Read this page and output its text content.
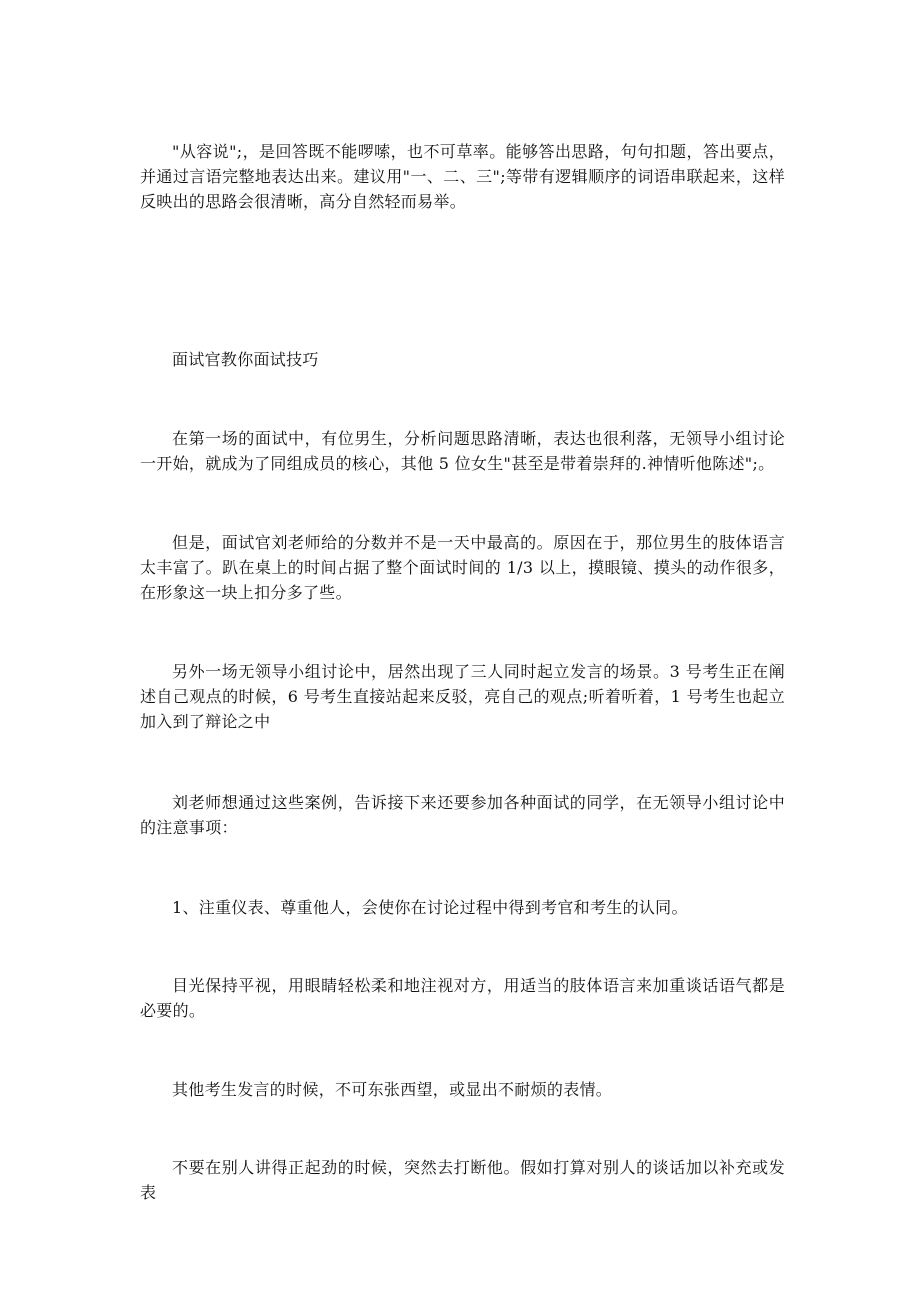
"从容说";，是回答既不能啰嗦，也不可草率。能够答出思路，句句扣题，答出要点，并通过言语完整地表达出来。建议用"一、二、三";等带有逻辑顺序的词语串联起来，这样反映出的思路会很清晰，高分自然轻而易举。

面试官教你面试技巧

在第一场的面试中，有位男生，分析问题思路清晰，表达也很利落，无领导小组讨论一开始，就成为了同组成员的核心，其他 5 位女生"甚至是带着崇拜的.神情听他陈述";。

但是，面试官刘老师给的分数并不是一天中最高的。原因在于，那位男生的肢体语言太丰富了。趴在桌上的时间占据了整个面试时间的 1/3 以上，摸眼镜、摸头的动作很多，在形象这一块上扣分多了些。

另外一场无领导小组讨论中，居然出现了三人同时起立发言的场景。3 号考生正在阐述自己观点的时候，6 号考生直接站起来反驳，亮自己的观点;听着听着，1 号考生也起立加入到了辩论之中

刘老师想通过这些案例，告诉接下来还要参加各种面试的同学，在无领导小组讨论中的注意事项：

1、注重仪表、尊重他人，会使你在讨论过程中得到考官和考生的认同。

目光保持平视，用眼睛轻松柔和地注视对方，用适当的肢体语言来加重谈话语气都是必要的。

其他考生发言的时候，不可东张西望，或显出不耐烦的表情。

不要在别人讲得正起劲的时候，突然去打断他。假如打算对别人的谈话加以补充或发表
